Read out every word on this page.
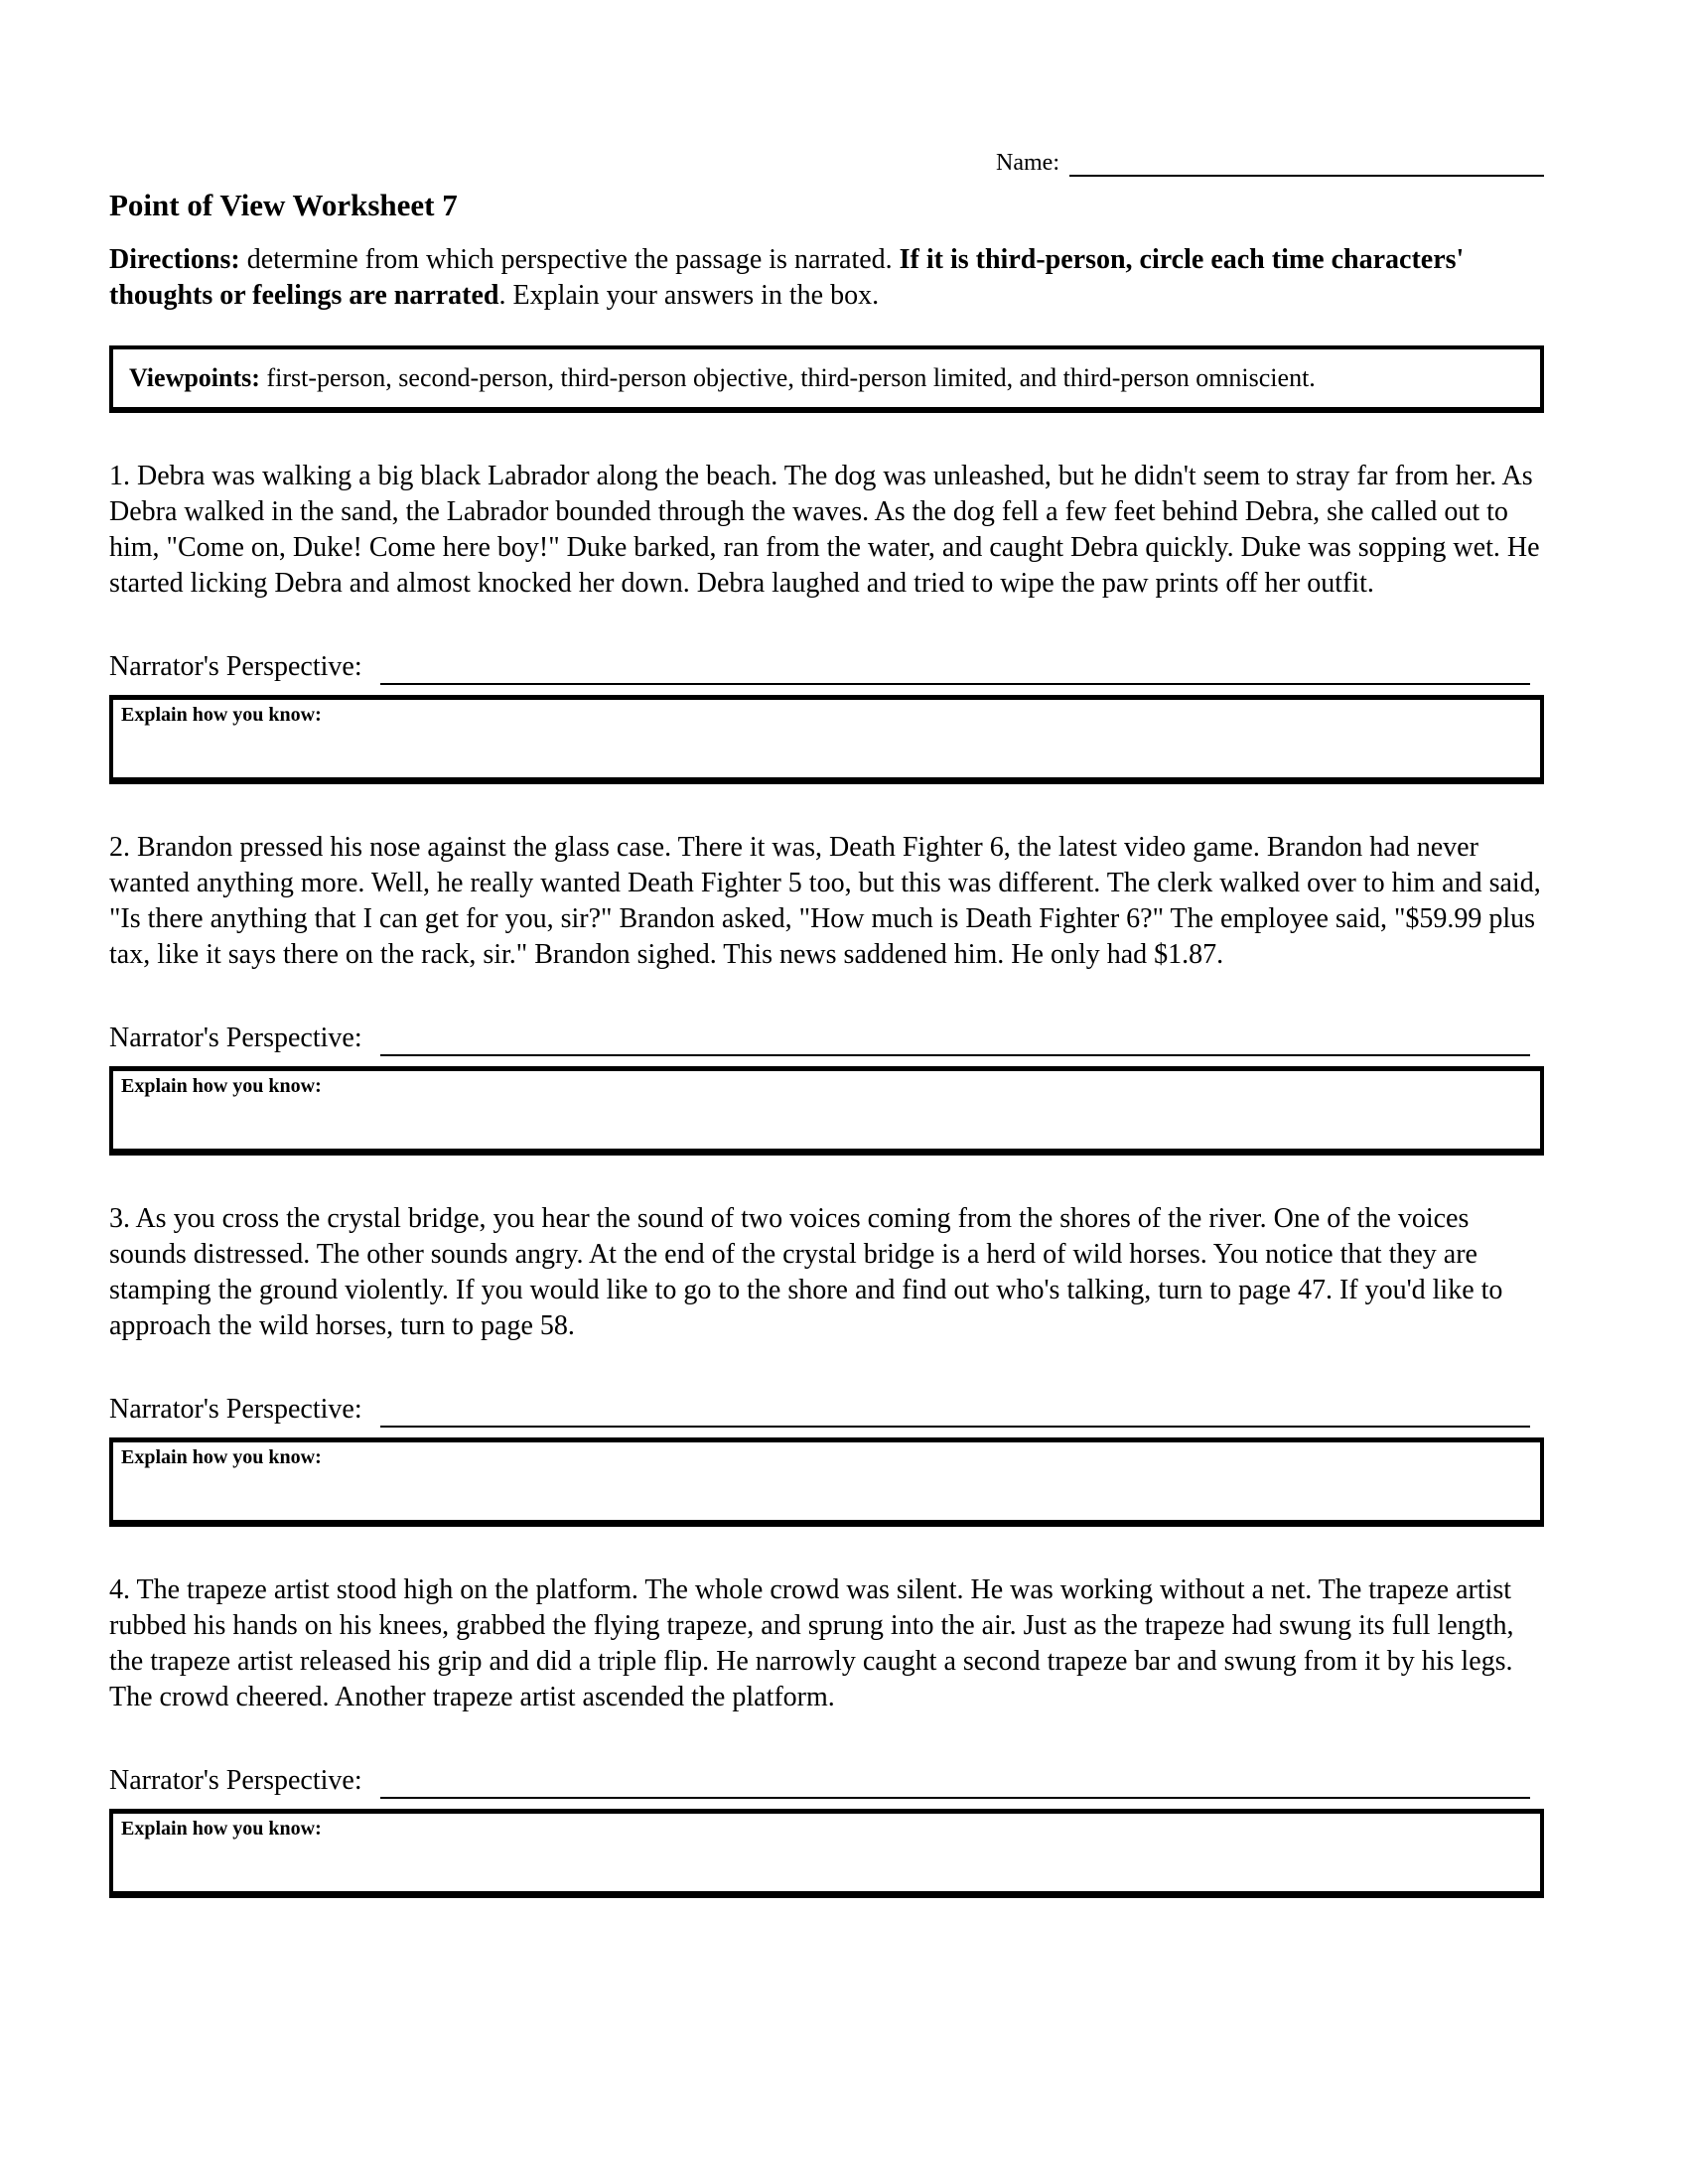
Name:
Point of View Worksheet 7

Directions: determine from which perspective the passage is narrated. If it is third-person, circle each time characters' thoughts or feelings are narrated. Explain your answers in the box.

Viewpoints: first-person, second-person, third-person objective, third-person limited, and third-person omniscient.

1. Debra was walking a big black Labrador along the beach. The dog was unleashed, but he didn't seem to stray far from her. As Debra walked in the sand, the Labrador bounded through the waves. As the dog fell a few feet behind Debra, she called out to him, "Come on, Duke! Come here boy!" Duke barked, ran from the water, and caught Debra quickly. Duke was sopping wet. He started licking Debra and almost knocked her down. Debra laughed and tried to wipe the paw prints off her outfit.

Narrator's Perspective:
Explain how you know:

2. Brandon pressed his nose against the glass case. There it was, Death Fighter 6, the latest video game. Brandon had never wanted anything more. Well, he really wanted Death Fighter 5 too, but this was different. The clerk walked over to him and said, "Is there anything that I can get for you, sir?" Brandon asked, "How much is Death Fighter 6?" The employee said, "$59.99 plus tax, like it says there on the rack, sir." Brandon sighed. This news saddened him. He only had $1.87.

Narrator's Perspective:
Explain how you know:

3. As you cross the crystal bridge, you hear the sound of two voices coming from the shores of the river. One of the voices sounds distressed. The other sounds angry. At the end of the crystal bridge is a herd of wild horses. You notice that they are stamping the ground violently. If you would like to go to the shore and find out who's talking, turn to page 47. If you'd like to approach the wild horses, turn to page 58.

Narrator's Perspective:
Explain how you know:

4. The trapeze artist stood high on the platform. The whole crowd was silent. He was working without a net. The trapeze artist rubbed his hands on his knees, grabbed the flying trapeze, and sprung into the air. Just as the trapeze had swung its full length, the trapeze artist released his grip and did a triple flip. He narrowly caught a second trapeze bar and swung from it by his legs. The crowd cheered. Another trapeze artist ascended the platform.

Narrator's Perspective:
Explain how you know:
